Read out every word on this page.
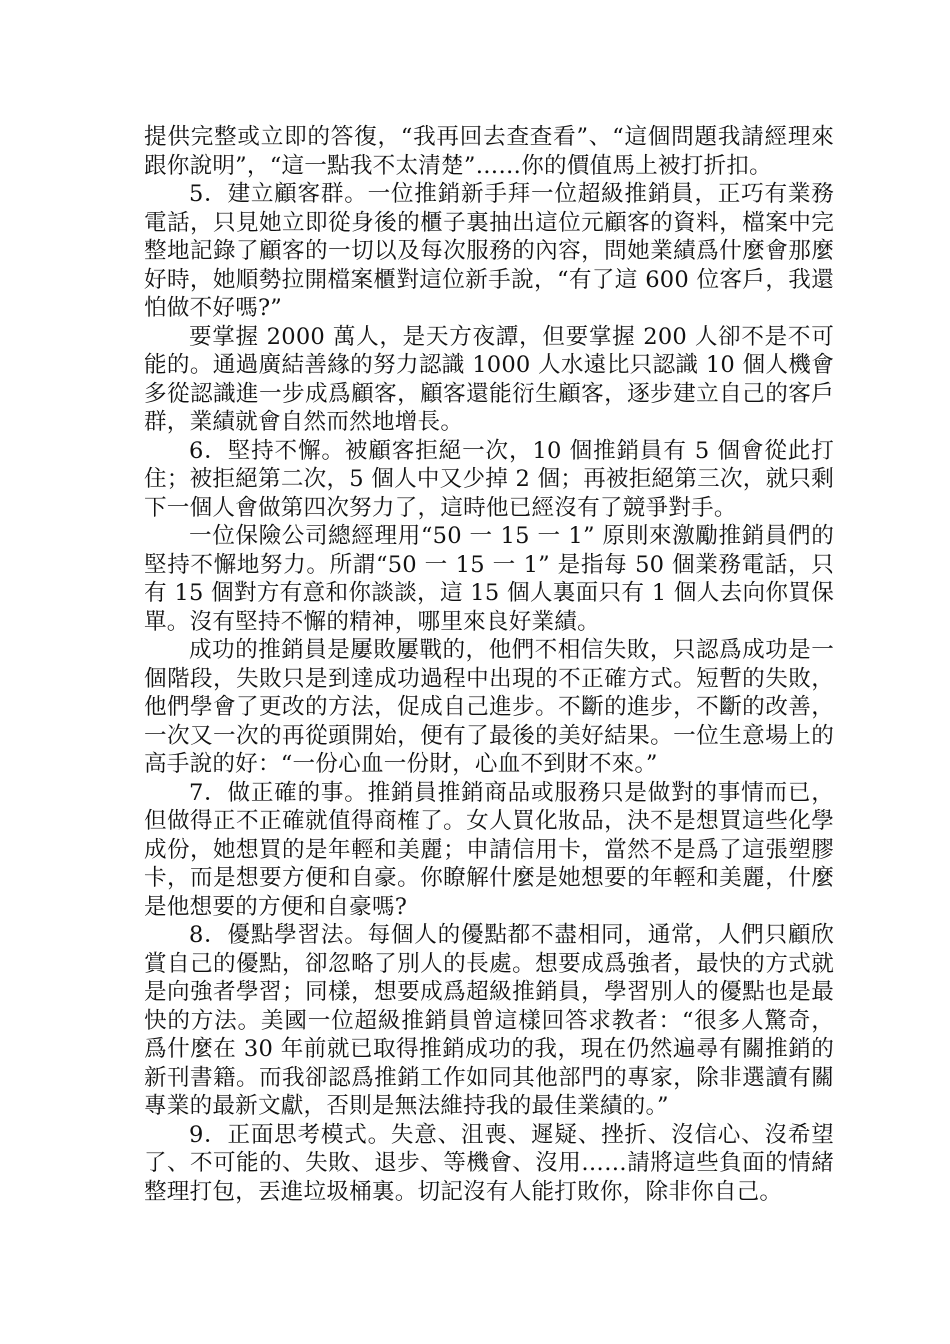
提供完整或立即的答復，“我再回去查查看”、“這個問題我請經理來跟你說明”，“這一點我不太清楚”……你的價值馬上被打折扣。

5．建立顧客群。一位推銷新手拜一位超級推銷員，正巧有業務電話，只見她立即從身後的櫃子裏抽出這位元顧客的資料，檔案中完整地記錄了顧客的一切以及每次服務的內容，問她業績爲什麼會那麼好時，她順勢拉開檔案櫃對這位新手說，“有了這 600 位客戶，我還怕做不好嗎?”

要掌握 2000 萬人，是天方夜譚，但要掌握 200 人卻不是不可能的。通過廣結善緣的努力認識 1000 人水遠比只認識 10 個人機會多從認識進一步成爲顧客，顧客還能衍生顧客，逐步建立自己的客戶群，業績就會自然而然地增長。

6．堅持不懈。被顧客拒絕一次，10 個推銷員有 5 個會從此打住；被拒絕第二次，5 個人中又少掉 2 個；再被拒絕第三次，就只剩下一個人會做第四次努力了，這時他已經沒有了競爭對手。

一位保險公司總經理用“50 一 15 一 1” 原則來激勵推銷員們的堅持不懈地努力。所謂“50 一 15 一 1” 是指每 50 個業務電話，只有 15 個對方有意和你談談，這 15 個人裏面只有 1 個人去向你買保單。沒有堅持不懈的精神，哪里來良好業績。

成功的推銷員是屢敗屢戰的，他們不相信失敗，只認爲成功是一個階段，失敗只是到達成功過程中出現的不正確方式。短暫的失敗，他們學會了更改的方法，促成自己進步。不斷的進步，不斷的改善，一次又一次的再從頭開始，便有了最後的美好結果。一位生意場上的高手說的好：“一份心血一份財，心血不到財不來。”

7．做正確的事。推銷員推銷商品或服務只是做對的事情而已，但做得正不正確就值得商榷了。女人買化妝品，決不是想買這些化學成份，她想買的是年輕和美麗；申請信用卡，當然不是爲了這張塑膠卡，而是想要方便和自豪。你瞭解什麼是她想要的年輕和美麗，什麼是他想要的方便和自豪嗎?

8．優點學習法。每個人的優點都不盡相同，通常，人們只顧欣賞自己的優點，卻忽略了別人的長處。想要成爲強者，最快的方式就是向強者學習；同樣，想要成爲超級推銷員，學習別人的優點也是最快的方法。美國一位超級推銷員曾這樣回答求教者：“很多人驚奇，爲什麼在 30 年前就已取得推銷成功的我，現在仍然遍尋有關推銷的新刊書籍。而我卻認爲推銷工作如同其他部門的專家，除非選讀有關專業的最新文獻，否則是無法維持我的最佳業績的。”

9．正面思考模式。失意、沮喪、遲疑、挫折、沒信心、沒希望了、不可能的、失敗、退步、等機會、沒用……請將這些負面的情緒整理打包，丟進垃圾桶裏。切記沒有人能打敗你，除非你自己。
